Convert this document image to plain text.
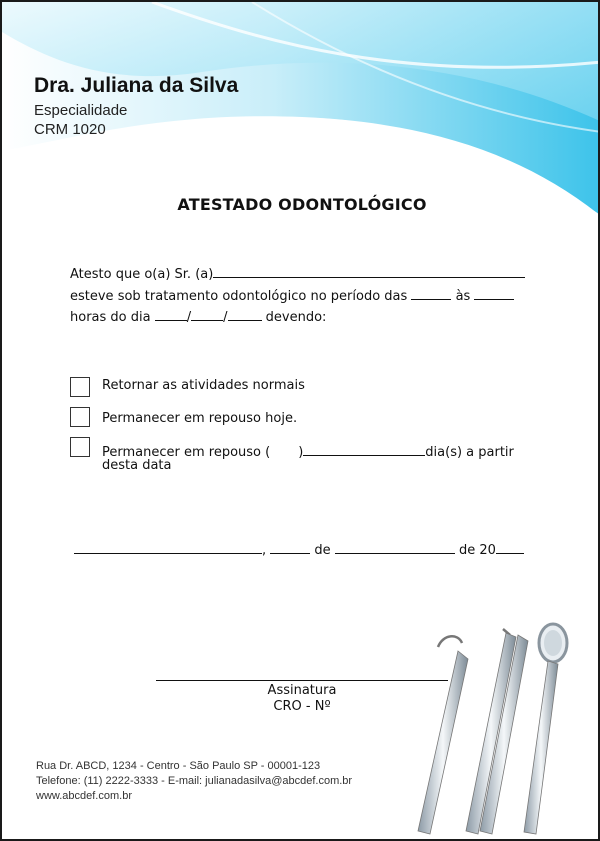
Dra. Juliana da Silva

Especialidade

CRM 1020

ATESTADO ODONTOLÓGICO
Atesto que o(a) Sr. (a)
esteve sob tratamento odontológico no período das	às
horas do dia	/ /	devendo:
Retornar as atividades normais
Permanecer em repouso hoje.
Permanecer em repouso ( )	dia(s) a partir
desta data
,	de	de 20

Assinatura

CRO - Nº

Rua Dr. ABCD, 1234 - Centro - São Paulo SP - 00001-123

Telefone: (11) 2222-3333 - E-mail: julianadasilva@abcdef.com.br

www.abcdef.com.br
